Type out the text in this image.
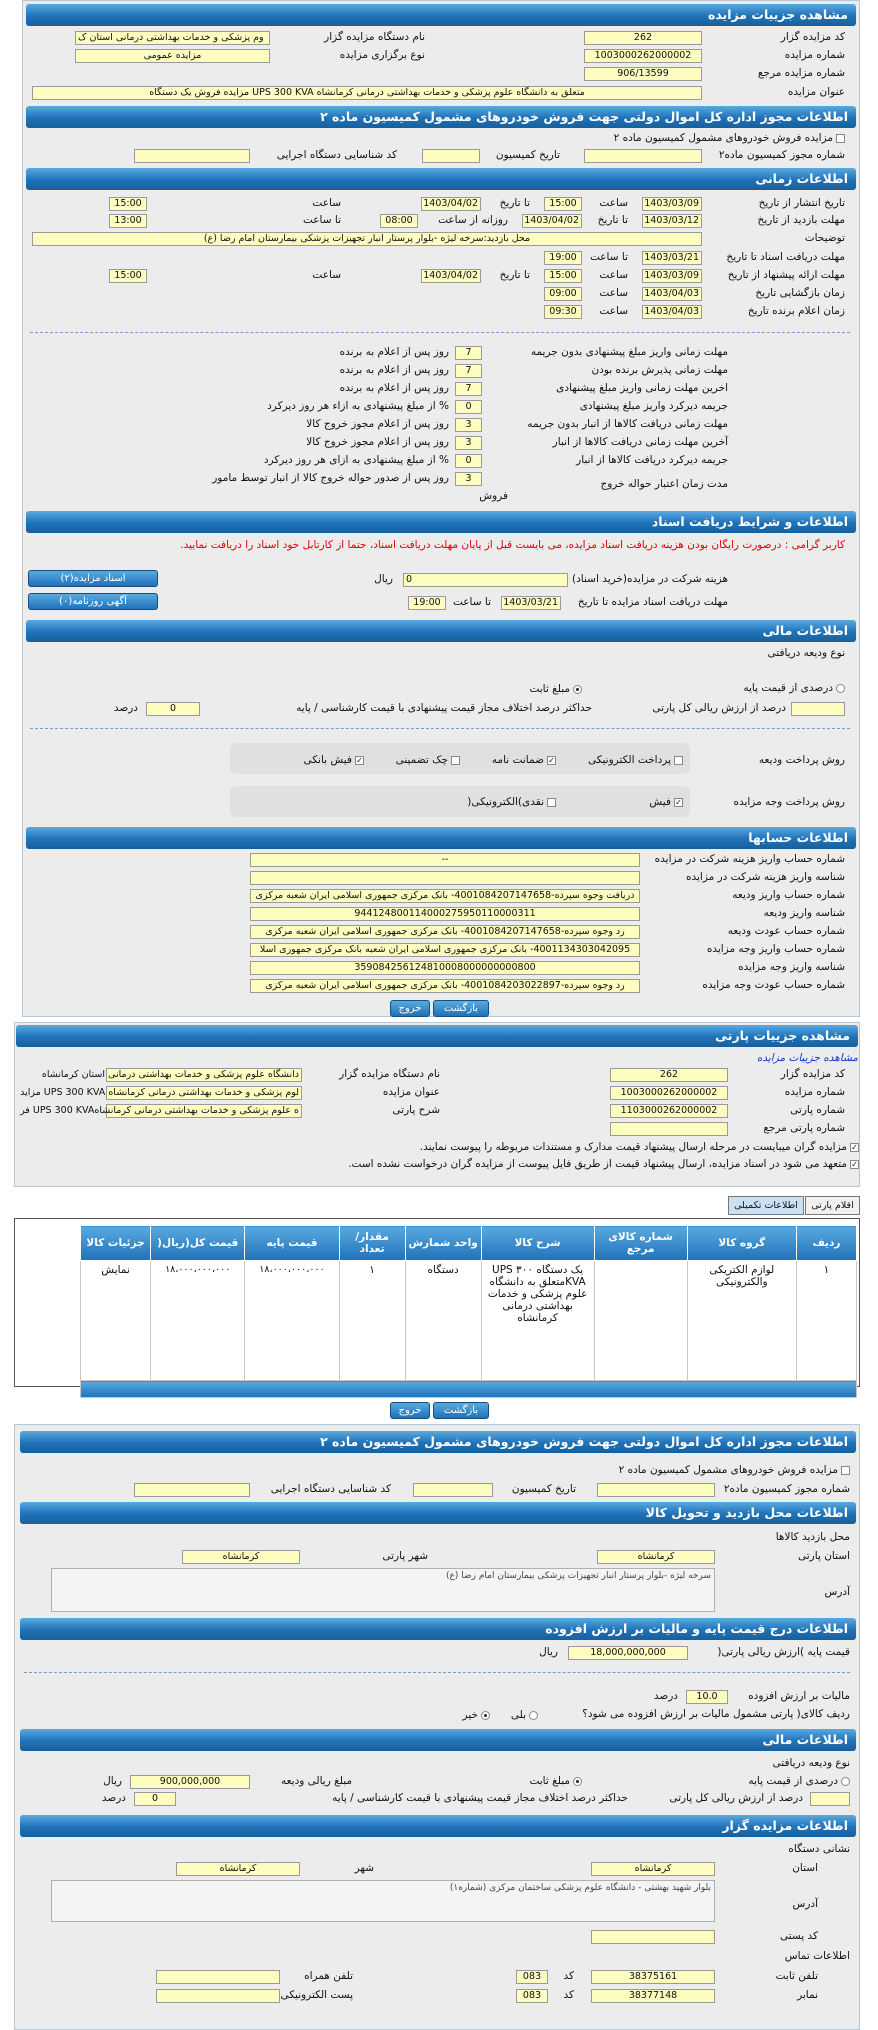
مشاهده جزییات مزایده
کد مزایده گزار
262
شماره مزایده
1003000262000002
شماره مزایده مرجع
906/13599
عنوان مزایده
متعلق به دانشگاه علوم پزشکی و خدمات بهداشتی درمانی کرمانشاه UPS 300 KVA مزایده فروش یک دستگاه
نام دستگاه مزایده گزار
وم پزشکی و خدمات بهداشتی درمانی استان ک
نوع برگزاری مزایده
مزایده عمومی
اطلاعات مجوز اداره کل اموال دولتی جهت فروش خودروهای مشمول کمیسیون ماده ۲
مزایده فروش خودروهای مشمول کمیسیون ماده ۲
شماره مجوز کمیسیون ماده۲
تاریخ کمیسیون
کد شناسایی دستگاه اجرایی
اطلاعات زمانی
تاریخ انتشار از تاریخ
1403/03/09
ساعت
15:00
تا تاریخ
1403/04/02
ساعت
15:00
مهلت بازدید از تاریخ
1403/03/12
تا تاریخ
1403/04/02
روزانه از ساعت
08:00
تا ساعت
13:00
توضیحات
محل بازدید:سرخه لیژه -بلوار پرستار انبار تجهیزات پزشکی بیمارستان امام رضا (ع)
مهلت دریافت اسناد تا تاریخ
1403/03/21
تا ساعت
19:00
مهلت ارائه پیشنهاد از تاریخ
1403/03/09
ساعت
15:00
تا تاریخ
1403/04/02
ساعت
15:00
زمان بازگشایی تاریخ
1403/04/03
ساعت
09:00
زمان اعلام برنده تاریخ
1403/04/03
ساعت
09:30
مهلت زمانی واریز مبلغ پیشنهادی بدون جریمه
7
روز پس از اعلام به برنده
مهلت زمانی پذیرش برنده بودن
7
روز پس از اعلام به برنده
اخرین مهلت زمانی واریز مبلغ پیشنهادی
7
روز پس از اعلام به برنده
جریمه دیرکرد واریز مبلغ پیشنهادی
0
% از مبلغ پیشنهادی به ازاء هر روز دیرکرد
مهلت زمانی دریافت کالاها از انبار بدون جریمه
3
روز پس از اعلام مجوز خروج کالا
آخرین مهلت زمانی دریافت کالاها از انبار
3
روز پس از اعلام مجوز خروج کالا
جریمه دیرکرد دریافت کالاها از انبار
0
% از مبلغ پیشنهادی به ازای هر روز دیرکرد
مدت زمان اعتبار حواله خروج
3
روز پس از صدور حواله خروج کالا از انبار توسط مامور
فروش
اطلاعات و شرایط دریافت اسناد
کاربر گرامی : درصورت رایگان بودن هزینه دریافت اسناد مزایده، می بایست قبل از پایان مهلت دریافت اسناد، حتما از کارتابل خود اسناد را دریافت نمایید.
هزینه شرکت در مزایده(خرید اسناد)
0
ریال
مهلت دریافت اسناد مزایده تا تاریخ
1403/03/21
تا ساعت
19:00
اسناد مزایده(۲)
آگهی روزنامه(۰)
اطلاعات مالی
نوع ودیعه دریافتی
درصدی از قیمت پایه
مبلغ ثابت
درصد از ارزش ریالی کل پارتی
حداکثر درصد اختلاف مجاز قیمت پیشنهادی با قیمت کارشناسی / پایه
0
درصد
روش پرداخت ودیعه
پرداخت الکترونیکی
✓ضمانت نامه
چک تضمینی
✓فیش بانکی
روش پرداخت وجه مزایده
✓فیش
نقدی)الکترونیکی(
اطلاعات حسابها
شماره حساب واریز هزینه شرکت در مزایده
--
شناسه واریز هزینه شرکت در مزایده
شماره حساب واریز ودیعه
دریافت وجوه سپرده-4001084207147658- بانک مرکزی جمهوری اسلامی ایران شعبه مرکزی
شناسه واریز ودیعه
944124800114000275950110000311
شماره حساب عودت ودیعه
رد وجوه سپرده-4001084207147658- بانک مرکزی جمهوری اسلامی ایران شعبه مرکزی
شماره حساب واریز وجه مزایده
4001134303042095- بانک مرکزی جمهوری اسلامی ایران شعبه بانک مرکزی جمهوری اسلا
شناسه واریز وجه مزایده
359084256124810008000000000800
شماره حساب عودت وجه مزایده
رد وجوه سپرده-4001084203022897- بانک مرکزی جمهوری اسلامی ایران شعبه مرکزی
بازگشت
خروج
مشاهده جزییات پارتی
مشاهده جزییات مزایده
کد مزایده گزار
262
شماره مزایده
1003000262000002
شماره پارتی
1103000262000002
شماره پارتی مرجع
نام دستگاه مزایده گزار
دانشگاه علوم پزشکی و خدمات بهداشتی درمانی استان کرمانشاه
عنوان مزایده
لوم پزشکی و خدمات بهداشتی درمانی کرمانشاه UPS 300 KVA مزاید
شرح پارتی
ه علوم پزشکی و خدمات بهداشتی درمانی کرمانشاهUPS 300 KVA فر
✓مزایده گران میبایست در مرحله ارسال پیشنهاد قیمت مدارک و مستندات مربوطه را پیوست نمایند.
✓متعهد می شود در اسناد مزایده، ارسال پیشنهاد قیمت از طریق فایل پیوست از مزایده گران درخواست نشده است.
اقلام پارتی
اطلاعات تکمیلی
ردیف	گروه کالا	شماره کالای مرجع	شرح کالا	واحد شمارش	مقدار/ تعداد	قیمت پایه	قیمت کل(ریال(	جزئیات کالا
۱	لوازم الکتریکی والکترونیکی		یک دستگاه UPS ۳۰۰ KVAمتعلق به دانشگاه علوم پزشکی و خدمات بهداشتی درمانی کرمانشاه	دستگاه	۱	۱۸،۰۰۰،۰۰۰،۰۰۰	۱۸،۰۰۰،۰۰۰،۰۰۰	نمایش

بازگشت
خروج
اطلاعات مجوز اداره کل اموال دولتی جهت فروش خودروهای مشمول کمیسیون ماده ۲
مزایده فروش خودروهای مشمول کمیسیون ماده ۲
شماره مجوز کمیسیون ماده۲
تاریخ کمیسیون
کد شناسایی دستگاه اجرایی
اطلاعات محل بازدید و تحویل کالا
محل بازدید کالاها
استان پارتی
کرمانشاه
شهر پارتی
کرمانشاه
آدرس
سرخه لیژه -بلوار پرستار انبار تجهیزات پزشکی بیمارستان امام رضا (ع)
اطلاعات درج قیمت پایه و مالیات بر ارزش افزوده
قیمت پایه )ارزش ریالی پارتی(
18,000,000,000
ریال
مالیات بر ارزش افزوده
10.0
درصد
ردیف کالای( پارتی مشمول مالیات بر ارزش افزوده می شود؟
بلی
خیر
اطلاعات مالی
نوع ودیعه دریافتی
درصدی از قیمت پایه
مبلغ ثابت
مبلغ ریالی ودیعه
900,000,000
ریال
درصد از ارزش ریالی کل پارتی
حداکثر درصد اختلاف مجاز قیمت پیشنهادی با قیمت کارشناسی / پایه
0
درصد
اطلاعات مزایده گزار
نشانی دستگاه
استان
کرمانشاه
شهر
کرمانشاه
آدرس
بلوار شهید بهشتی - دانشگاه علوم پزشکی ساختمان مرکزی (شماره۱)
کد پستی
اطلاعات تماس
تلفن ثابت
38375161
کد
083
تلفن همراه
نمابر
38377148
کد
083
پست الکترونیکی
